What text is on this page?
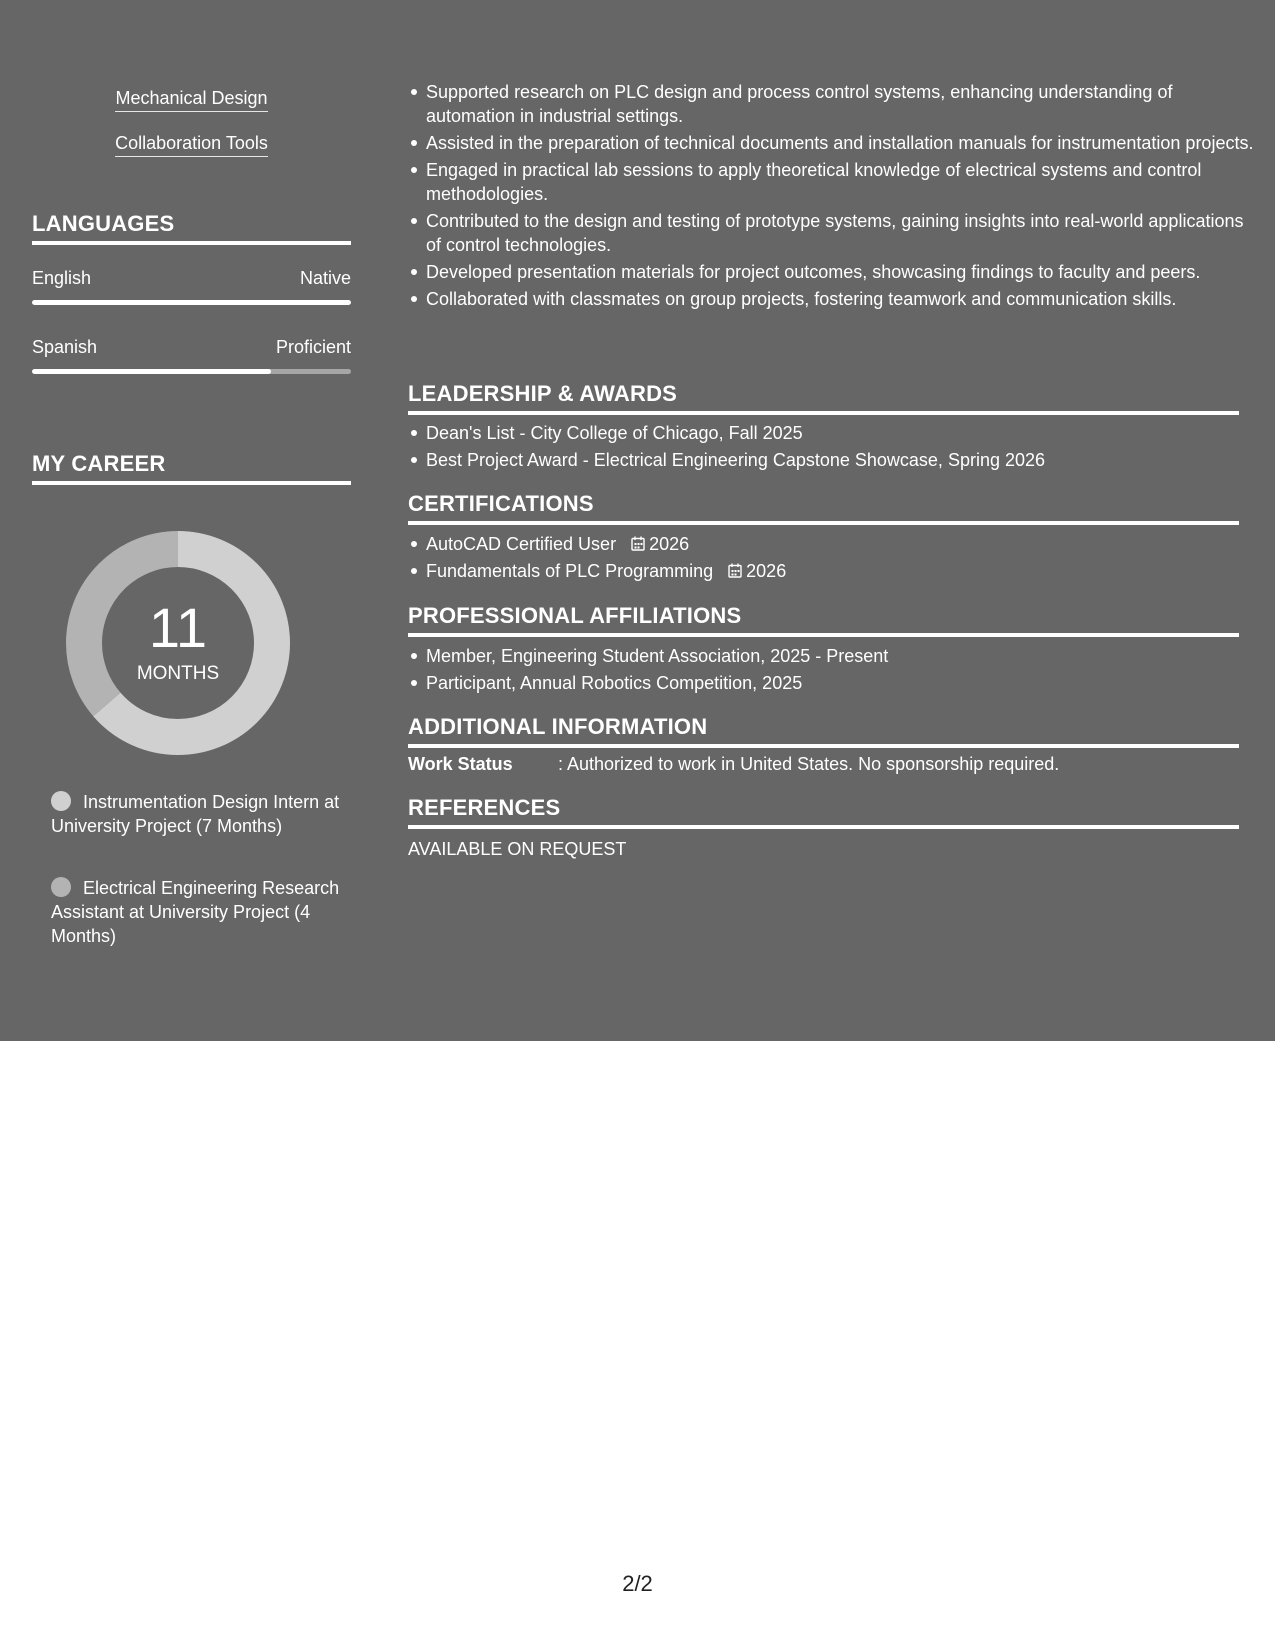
Mechanical Design
Collaboration Tools
LANGUAGES
English	Native
Spanish	Proficient
MY CAREER
11
MONTHS
Instrumentation Design Intern at University Project (7 Months)
Electrical Engineering Research Assistant at University Project (4 Months)
Supported research on PLC design and process control systems, enhancing understanding of automation in industrial settings.
Assisted in the preparation of technical documents and installation manuals for instrumentation projects.
Engaged in practical lab sessions to apply theoretical knowledge of electrical systems and control methodologies.
Contributed to the design and testing of prototype systems, gaining insights into real-world applications of control technologies.
Developed presentation materials for project outcomes, showcasing findings to faculty and peers.
Collaborated with classmates on group projects, fostering teamwork and communication skills.
LEADERSHIP & AWARDS
Dean's List - City College of Chicago, Fall 2025
Best Project Award - Electrical Engineering Capstone Showcase, Spring 2026
CERTIFICATIONS
AutoCAD Certified User 2026
Fundamentals of PLC Programming 2026
PROFESSIONAL AFFILIATIONS
Member, Engineering Student Association, 2025 - Present
Participant, Annual Robotics Competition, 2025
ADDITIONAL INFORMATION
Work Status	: Authorized to work in United States. No sponsorship required.
REFERENCES
AVAILABLE ON REQUEST
2/2
